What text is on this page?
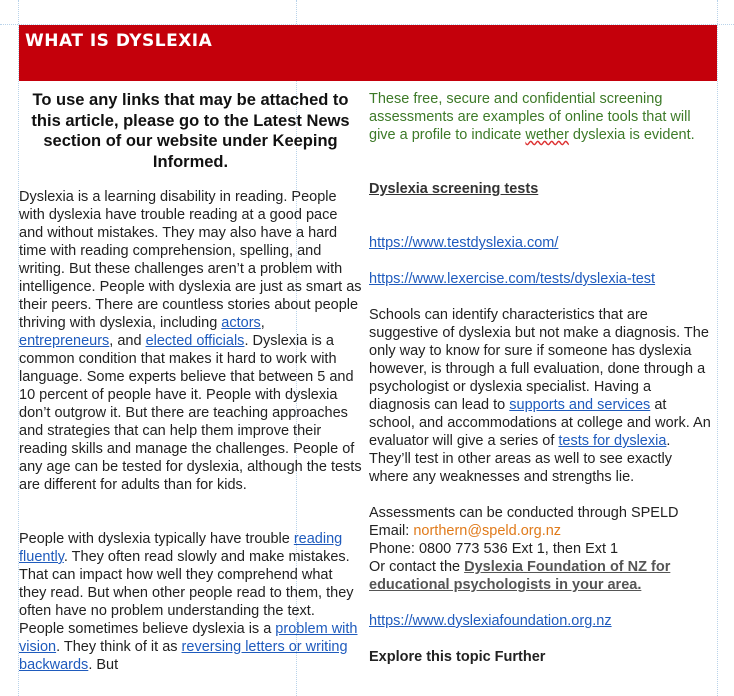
WHAT IS DYSLEXIA

To use any links that may be attached to this article, please go to the Latest News section of our website under Keeping Informed.

Dyslexia is a learning disability in reading. People with dyslexia have trouble reading at a good pace and without mistakes. They may also have a hard time with reading comprehension, spelling, and writing. But these challenges aren’t a problem with intelligence. People with dyslexia are just as smart as their peers. There are countless stories about people thriving with dyslexia, including actors, entrepreneurs, and elected officials. Dyslexia is a common condition that makes it hard to work with language. Some experts believe that between 5 and 10 percent of people have it. People with dyslexia don’t outgrow it. But there are teaching approaches and strategies that can help them improve their reading skills and manage the challenges. People of any age can be tested for dyslexia, although the tests are different for adults than for kids.

People with dyslexia typically have trouble reading fluently. They often read slowly and make mistakes. That can impact how well they comprehend what they read. But when other people read to them, they often have no problem understanding the text. People sometimes believe dyslexia is a problem with vision. They think of it as reversing letters or writing backwards. But

These free, secure and confidential screening assessments are examples of online tools that will give a profile to indicate wether dyslexia is evident.

Dyslexia screening tests

https://www.testdyslexia.com/

https://www.lexercise.com/tests/dyslexia-test

Schools can identify characteristics that are suggestive of dyslexia but not make a diagnosis. The only way to know for sure if someone has dyslexia however, is through a full evaluation, done through a psychologist or dyslexia specialist. Having a diagnosis can lead to supports and services at school, and accommodations at college and work. An evaluator will give a series of tests for dyslexia. They’ll test in other areas as well to see exactly where any weaknesses and strengths lie.

Assessments can be conducted through SPELD

Email: northern@speld.org.nz

Phone: 0800 773 536 Ext 1, then Ext 1

Or contact the Dyslexia Foundation of NZ for educational psychologists in your area.

https://www.dyslexiafoundation.org.nz

Explore this topic Further
